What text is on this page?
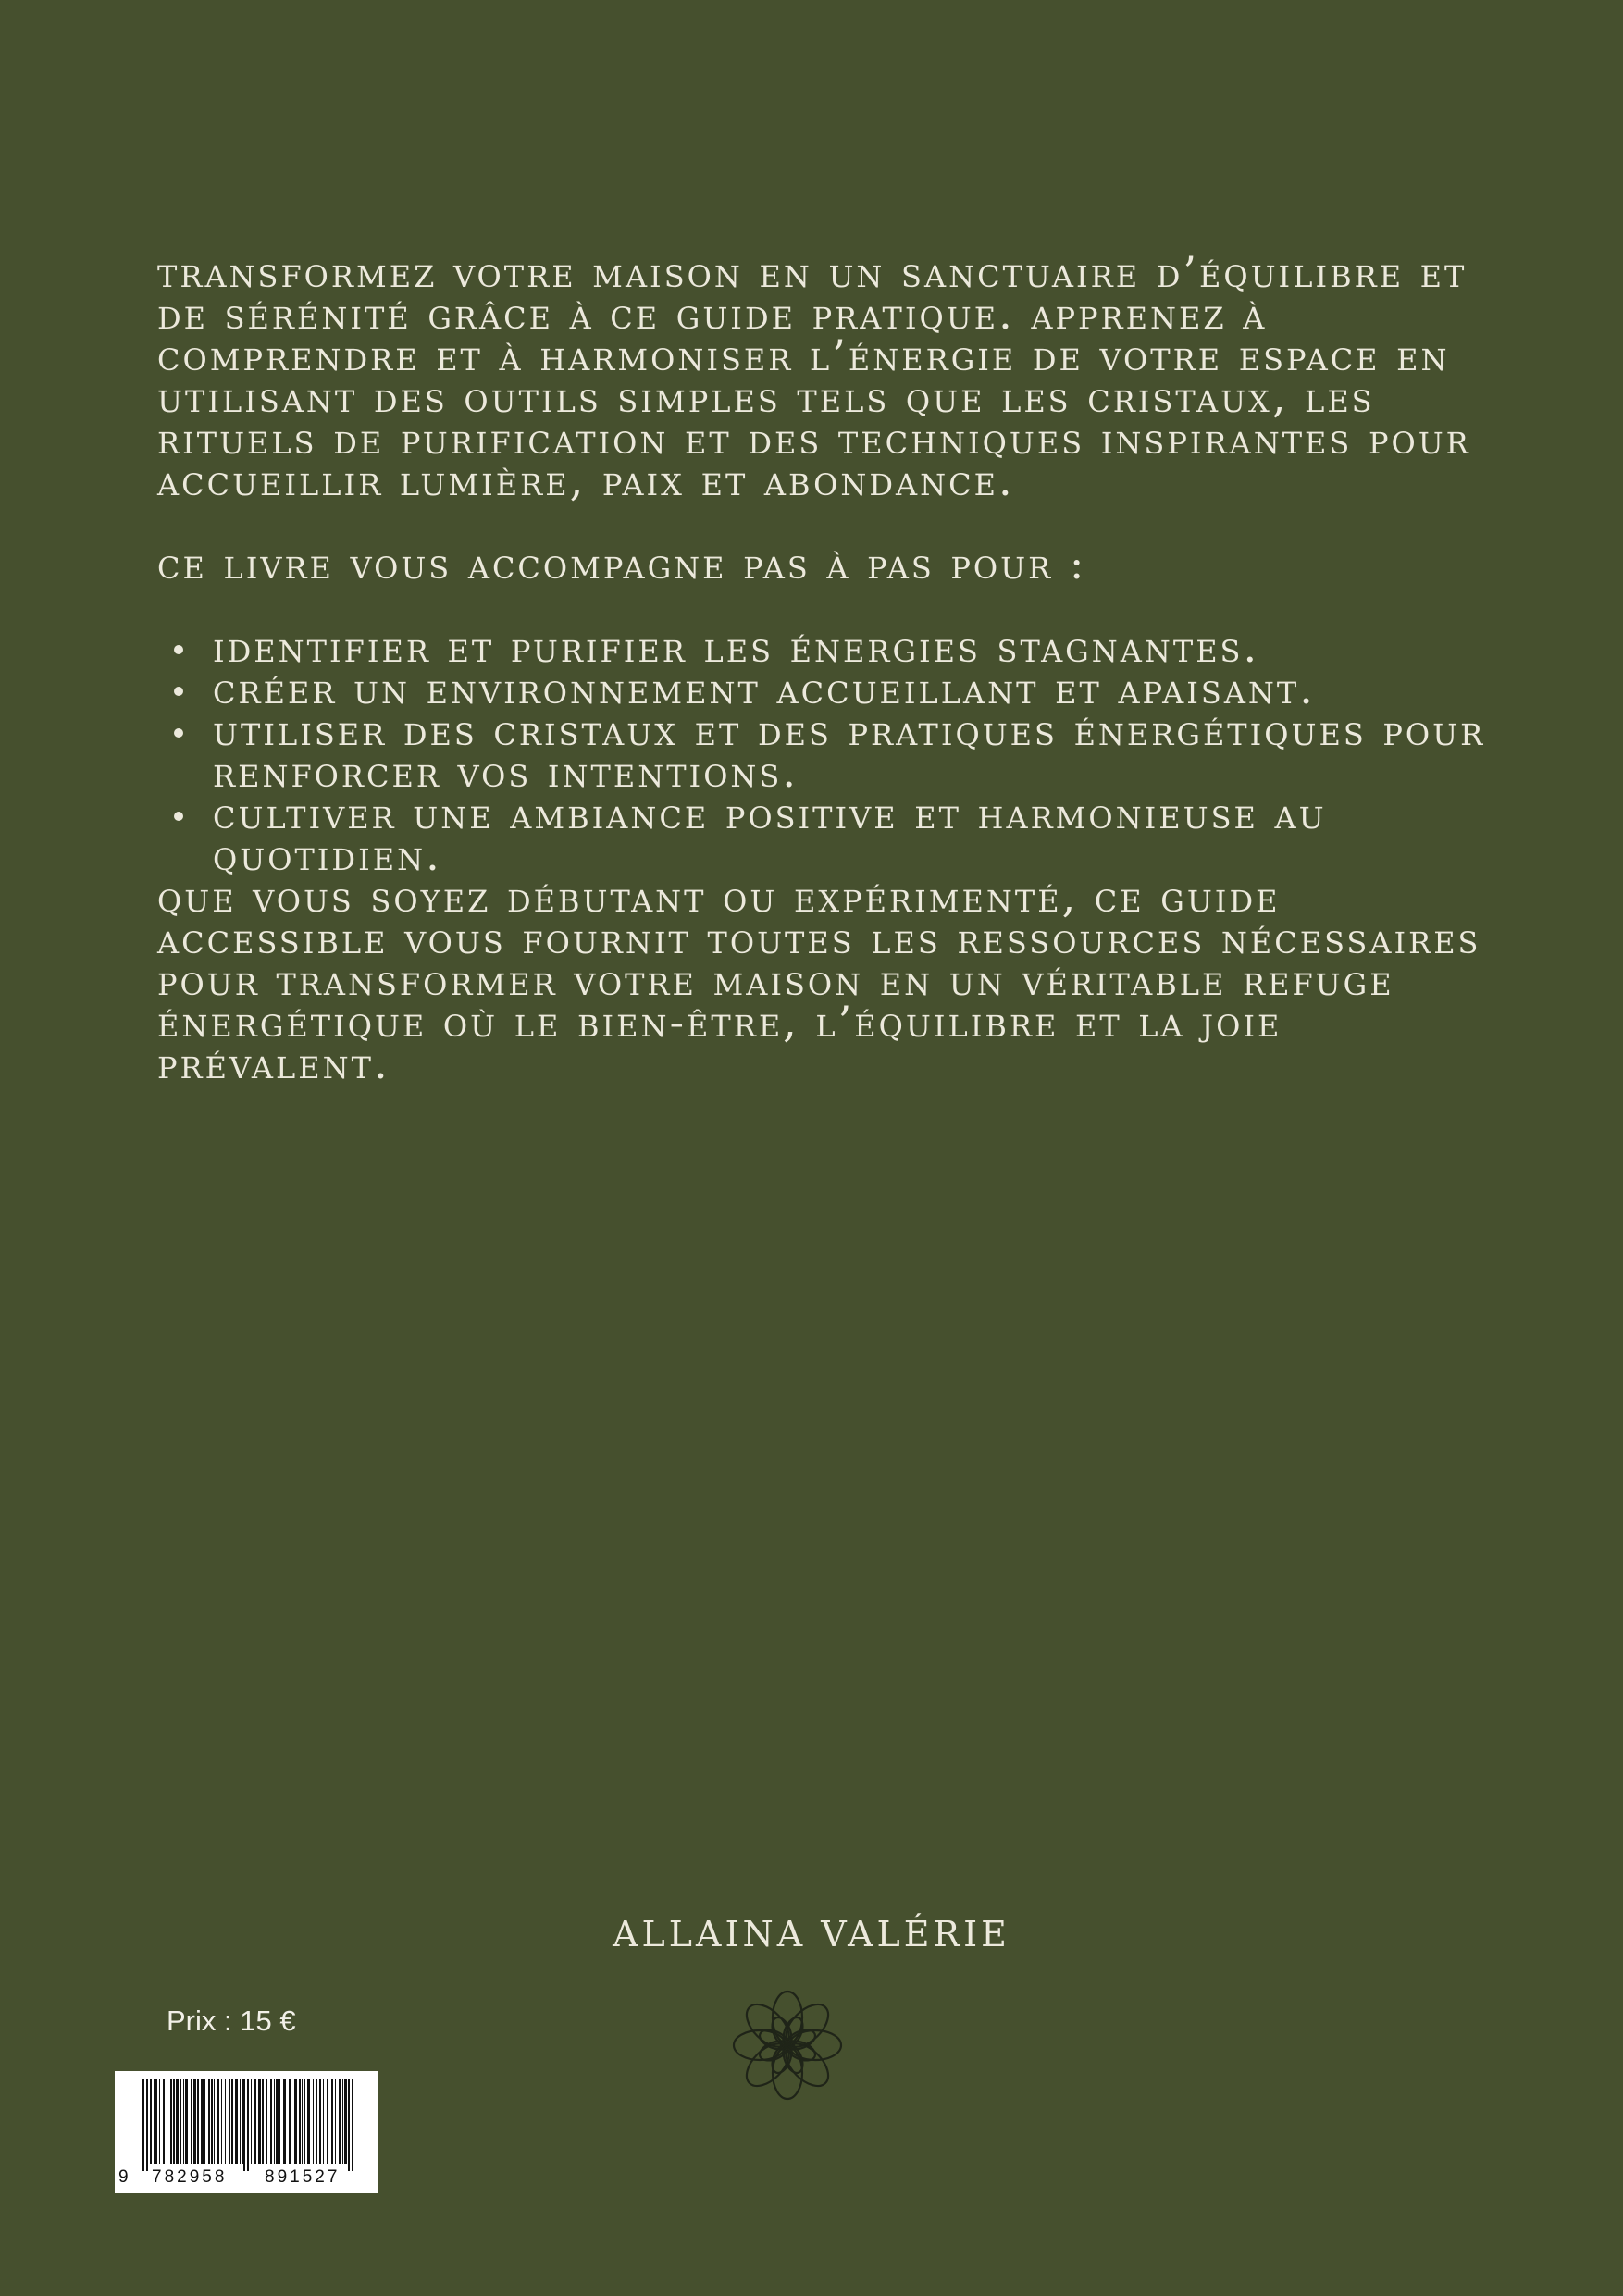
transformez votre maison en un sanctuaire d’équilibre et de sérénité grâce à ce guide pratique. apprenez à comprendre et à harmoniser l’énergie de votre espace en utilisant des outils simples tels que les cristaux, les rituels de purification et des techniques inspirantes pour accueillir lumière, paix et abondance.

ce livre vous accompagne pas à pas pour :

identifier et purifier les énergies stagnantes.
créer un environnement accueillant et apaisant.
utiliser des cristaux et des pratiques énergétiques pour renforcer vos intentions.
cultiver une ambiance positive et harmonieuse au quotidien.

que vous soyez débutant ou expérimenté, ce guide accessible vous fournit toutes les ressources nécessaires pour transformer votre maison en un véritable refuge énergétique où le bien-être, l’équilibre et la joie prévalent.

ALLAINA VALÉRIE
Prix : 15 €
9 782958 891527
